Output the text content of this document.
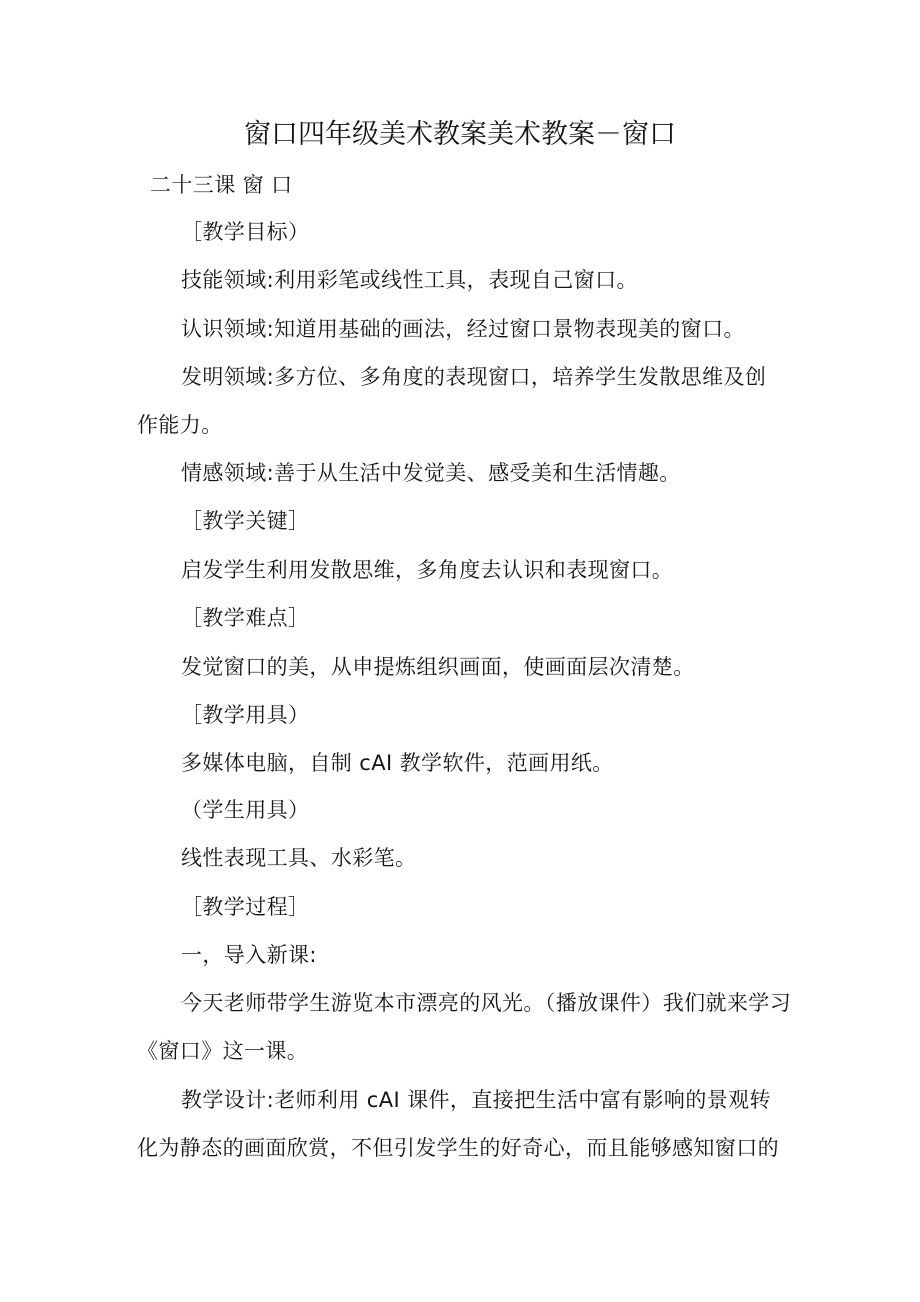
窗口四年级美术教案美术教案－窗口
二十三课 窗 口
［教学目标）
技能领域:利用彩笔或线性工具，表现自己窗口。
认识领域:知道用基础的画法，经过窗口景物表现美的窗口。
发明领域:多方位、多角度的表现窗口，培养学生发散思维及创
作能力。
情感领域:善于从生活中发觉美、感受美和生活情趣。
［教学关键］
启发学生利用发散思维，多角度去认识和表现窗口。
［教学难点］
发觉窗口的美，从申提炼组织画面，使画面层次清楚。
［教学用具）
多媒体电脑，自制 cAI 教学软件，范画用纸。
（学生用具）
线性表现工具、水彩笔。
［教学过程］
一，导入新课:
今天老师带学生游览本市漂亮的风光。（播放课件）我们就来学习
《窗口》这一课。
教学设计:老师利用 cAI 课件，直接把生活中富有影响的景观转
化为静态的画面欣赏，不但引发学生的好奇心，而且能够感知窗口的
